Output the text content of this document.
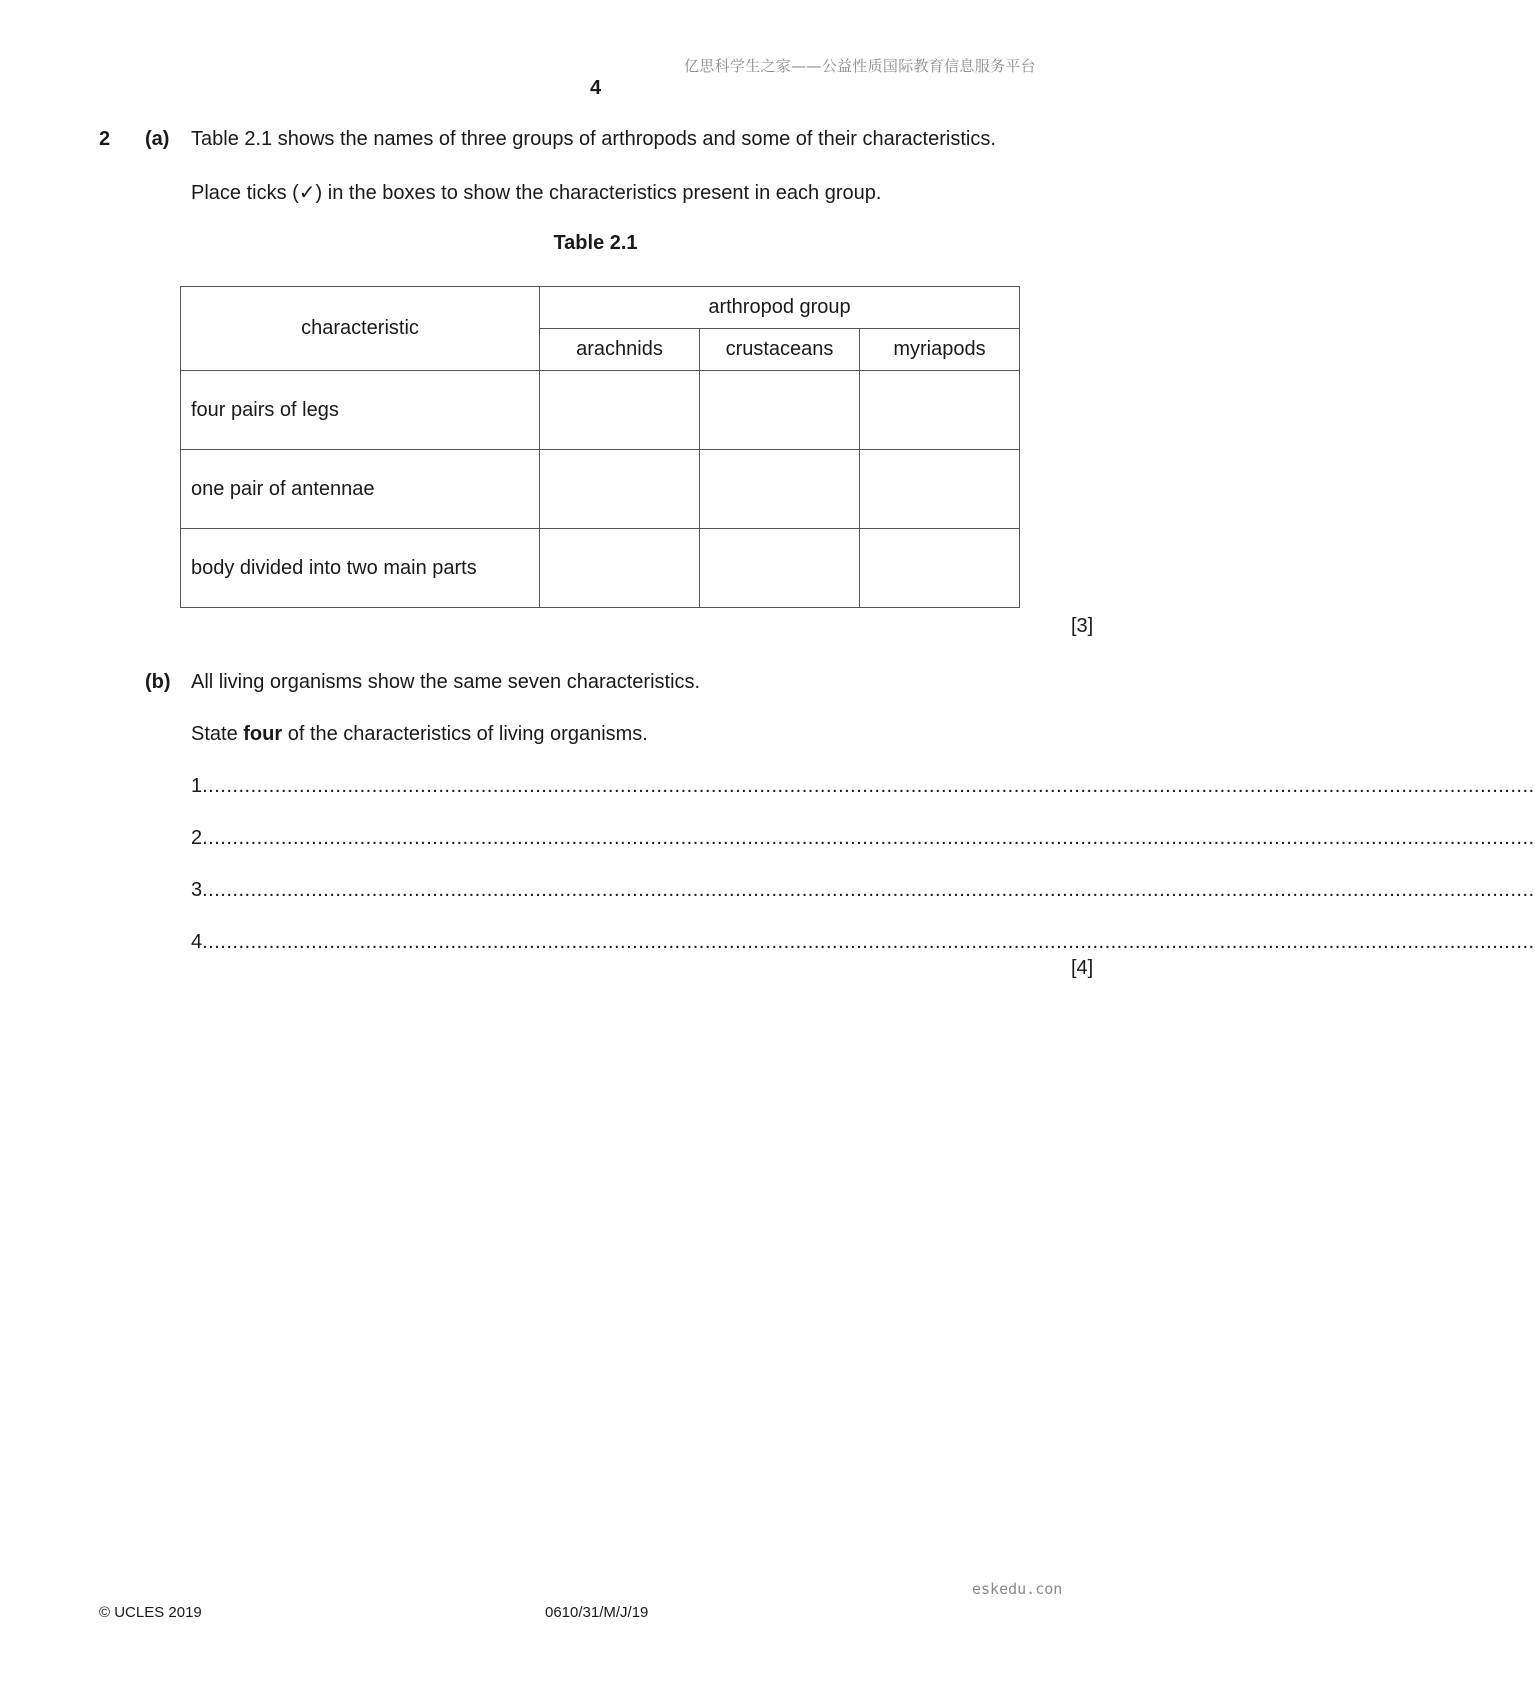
亿思科学生之家——公益性质国际教育信息服务平台
4
2 (a) Table 2.1 shows the names of three groups of arthropods and some of their characteristics.
Place ticks (✓) in the boxes to show the characteristics present in each group.
Table 2.1
characteristic	arthropod group		
	arachnids	crustaceans	myriapods
four pairs of legs			
one pair of antennae			
body divided into two main parts			
[3]
(b) All living organisms show the same seven characteristics.
State four of the characteristics of living organisms.
1 ............................................................................................................................................................................................................................
2 ............................................................................................................................................................................................................................
3 ............................................................................................................................................................................................................................
4 ............................................................................................................................................................................................................................
[4]
eskedu.con
© UCLES 2019	0610/31/M/J/19
